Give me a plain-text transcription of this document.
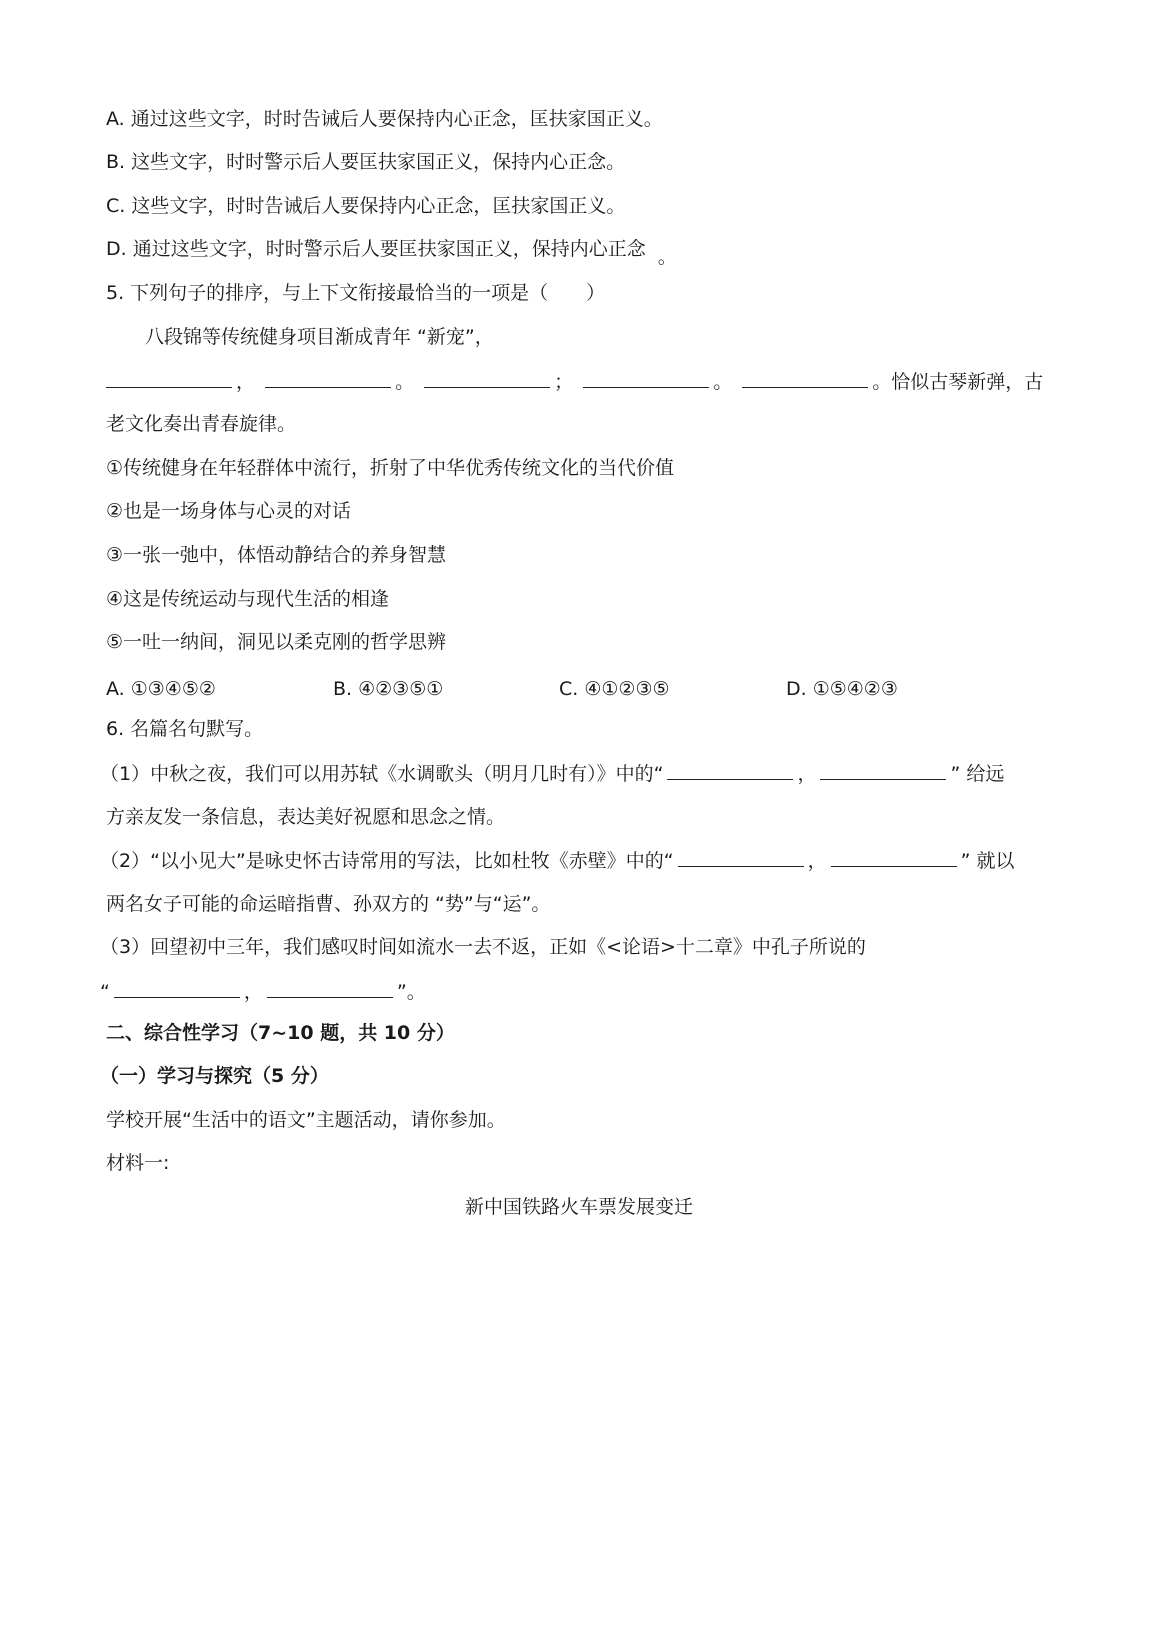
A. 通过这些文字，时时告诫后人要保持内心正念，匡扶家国正义。
B. 这些文字，时时警示后人要匡扶家国正义，保持内心正念。
C. 这些文字，时时告诫后人要保持内心正念，匡扶家国正义。
D. 通过这些文字，时时警示后人要匡扶家国正义，保持内心正念 。
5. 下列句子的排序，与上下文衔接最恰当的一项是（　　）
八段锦等传统健身项目渐成青年 “新宠”，
，	。	；	。	。恰似古琴新弹，古
老文化奏出青春旋律。
①传统健身在年轻群体中流行，折射了中华优秀传统文化的当代价值
②也是一场身体与心灵的对话
③一张一弛中，体悟动静结合的养身智慧
④这是传统运动与现代生活的相逢
⑤一吐一纳间，洞见以柔克刚的哲学思辨
A. ①③④⑤②	B. ④②③⑤①	C. ④①②③⑤	D. ①⑤④②③
6. 名篇名句默写。
（1）中秋之夜，我们可以用苏轼《水调歌头（明月几时有）》中的“	，	” 给远
方亲友发一条信息，表达美好祝愿和思念之情。
（2）“以小见大”是咏史怀古诗常用的写法，比如杜牧《赤壁》中的“	，	” 就以
两名女子可能的命运暗指曹、孙双方的 “势”与“运”。
（3）回望初中三年，我们感叹时间如流水一去不返，正如《<论语>十二章》中孔子所说的
“	，	”。
二、综合性学习（7~10 题，共 10 分）
（一）学习与探究（5 分）
学校开展“生活中的语文”主题活动，请你参加。
材料一:
新中国铁路火车票发展变迁
